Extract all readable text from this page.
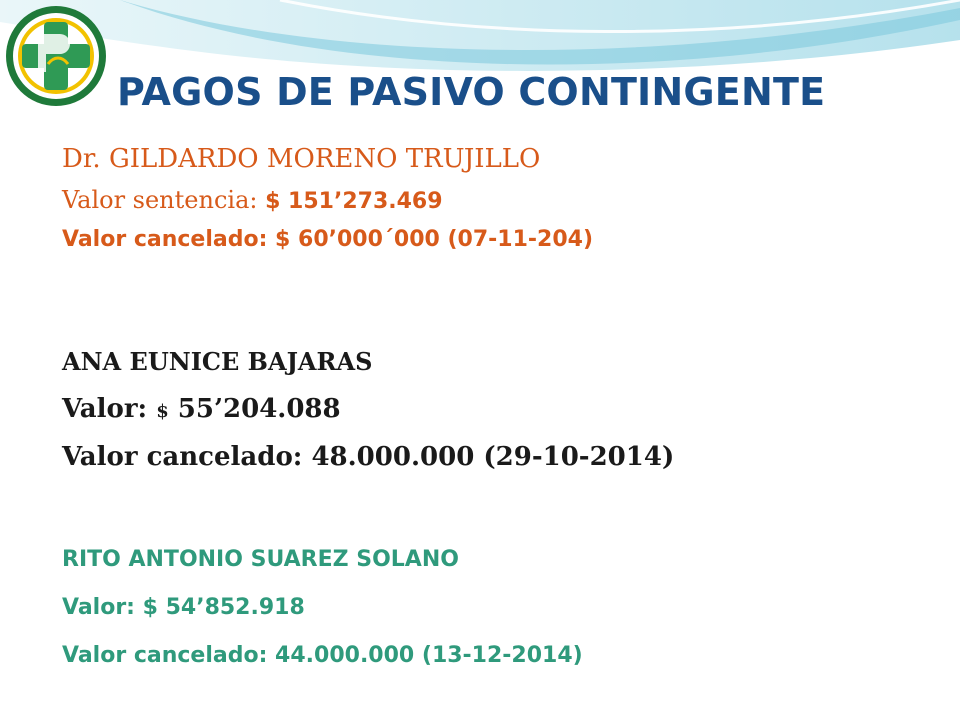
PAGOS DE PASIVO CONTINGENTE
Dr. GILDARDO MORENO TRUJILLO
Valor sentencia: $ 151’273.469
Valor cancelado: $ 60’000´000 (07-11-204)
ANA EUNICE BAJARAS
Valor: $ 55’204.088
Valor cancelado: 48.000.000 (29-10-2014)
RITO ANTONIO SUAREZ SOLANO
Valor: $ 54’852.918
Valor cancelado: 44.000.000 (13-12-2014)
